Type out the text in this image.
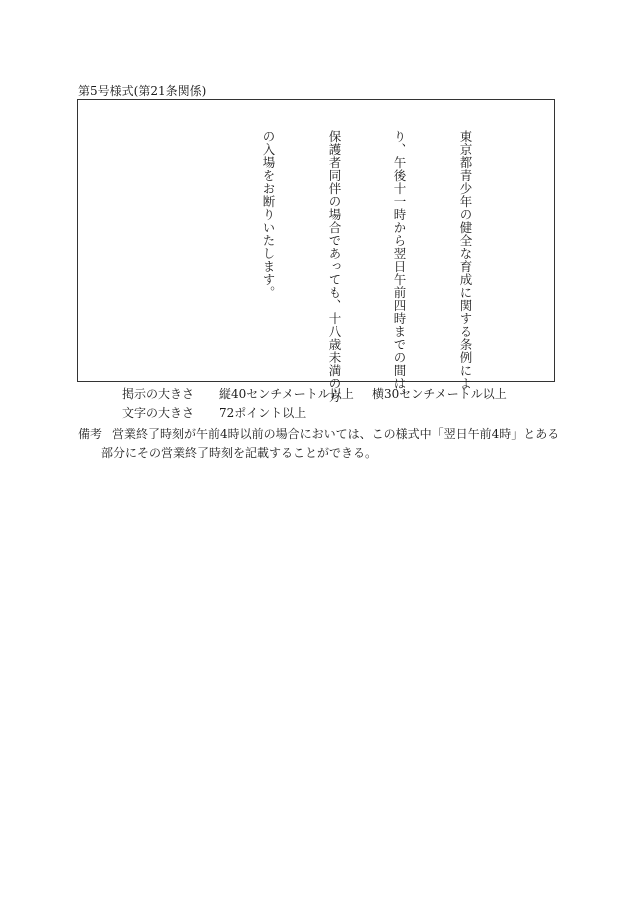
第5号様式(第21条関係)
東京都青少年の健全な育成に関する条例によ
り、午後十一時から翌日午前四時までの間は、
保護者同伴の場合であっても、十八歳未満の方
の入場をお断りいたします。
掲示の大きさ 縦40センチメートル以上 横30センチメートル以上
文字の大きさ 72ポイント以上
備考 営業終了時刻が午前4時以前の場合においては、この様式中「翌日午前4時」とある
部分にその営業終了時刻を記載することができる。
